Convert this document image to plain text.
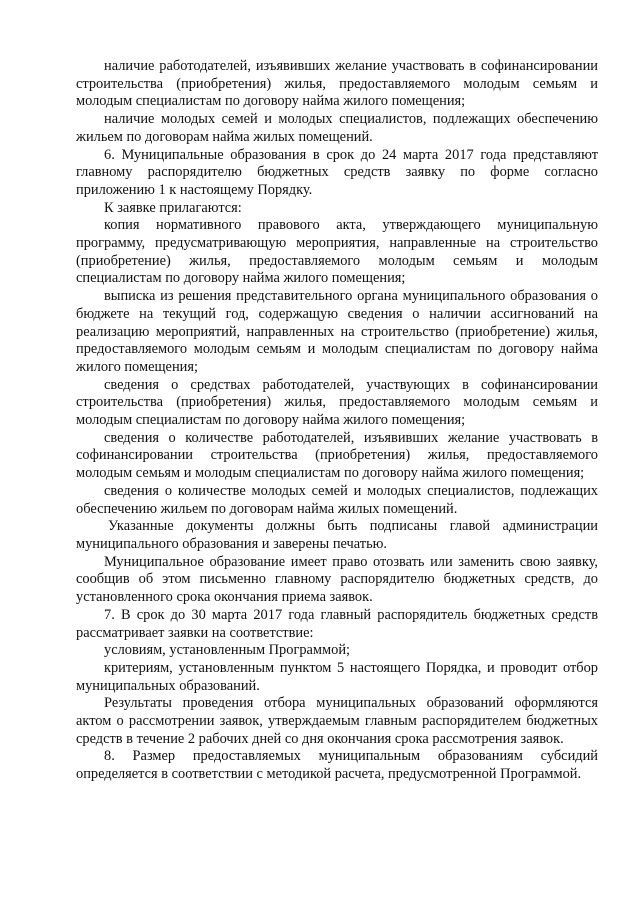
наличие работодателей, изъявивших желание участвовать в софинансировании строительства (приобретения) жилья, предоставляемого молодым семьям и молодым специалистам по договору найма жилого помещения;

наличие молодых семей и молодых специалистов, подлежащих обеспечению жильем по договорам найма жилых помещений.

6. Муниципальные образования в срок до 24 марта 2017 года представляют главному распорядителю бюджетных средств заявку по форме согласно приложению 1 к настоящему Порядку.

К заявке прилагаются:

копия нормативного правового акта, утверждающего муниципальную программу, предусматривающую мероприятия, направленные на строительство (приобретение) жилья, предоставляемого молодым семьям и молодым специалистам по договору найма жилого помещения;

выписка из решения представительного органа муниципального образования о бюджете на текущий год, содержащую сведения о наличии ассигнований на реализацию мероприятий, направленных на строительство (приобретение) жилья, предоставляемого молодым семьям и молодым специалистам по договору найма жилого помещения;

сведения о средствах работодателей, участвующих в софинансировании строительства (приобретения) жилья, предоставляемого молодым семьям и молодым специалистам по договору найма жилого помещения;

сведения о количестве работодателей, изъявивших желание участвовать в софинансировании строительства (приобретения) жилья, предоставляемого молодым семьям и молодым специалистам по договору найма жилого помещения;

сведения о количестве молодых семей и молодых специалистов, подлежащих обеспечению жильем по договорам найма жилых помещений.

Указанные документы должны быть подписаны главой администрации муниципального образования и заверены печатью.

Муниципальное образование имеет право отозвать или заменить свою заявку, сообщив об этом письменно главному распорядителю бюджетных средств, до установленного срока окончания приема заявок.

7. В срок до 30 марта 2017 года главный распорядитель бюджетных средств рассматривает заявки на соответствие:

условиям, установленным Программой;

критериям, установленным пунктом 5 настоящего Порядка, и проводит отбор муниципальных образований.

Результаты проведения отбора муниципальных образований оформляются актом о рассмотрении заявок, утверждаемым главным распорядителем бюджетных средств в течение 2 рабочих дней со дня окончания срока рассмотрения заявок.

8. Размер предоставляемых муниципальным образованиям субсидий определяется в соответствии с методикой расчета, предусмотренной Программой.
